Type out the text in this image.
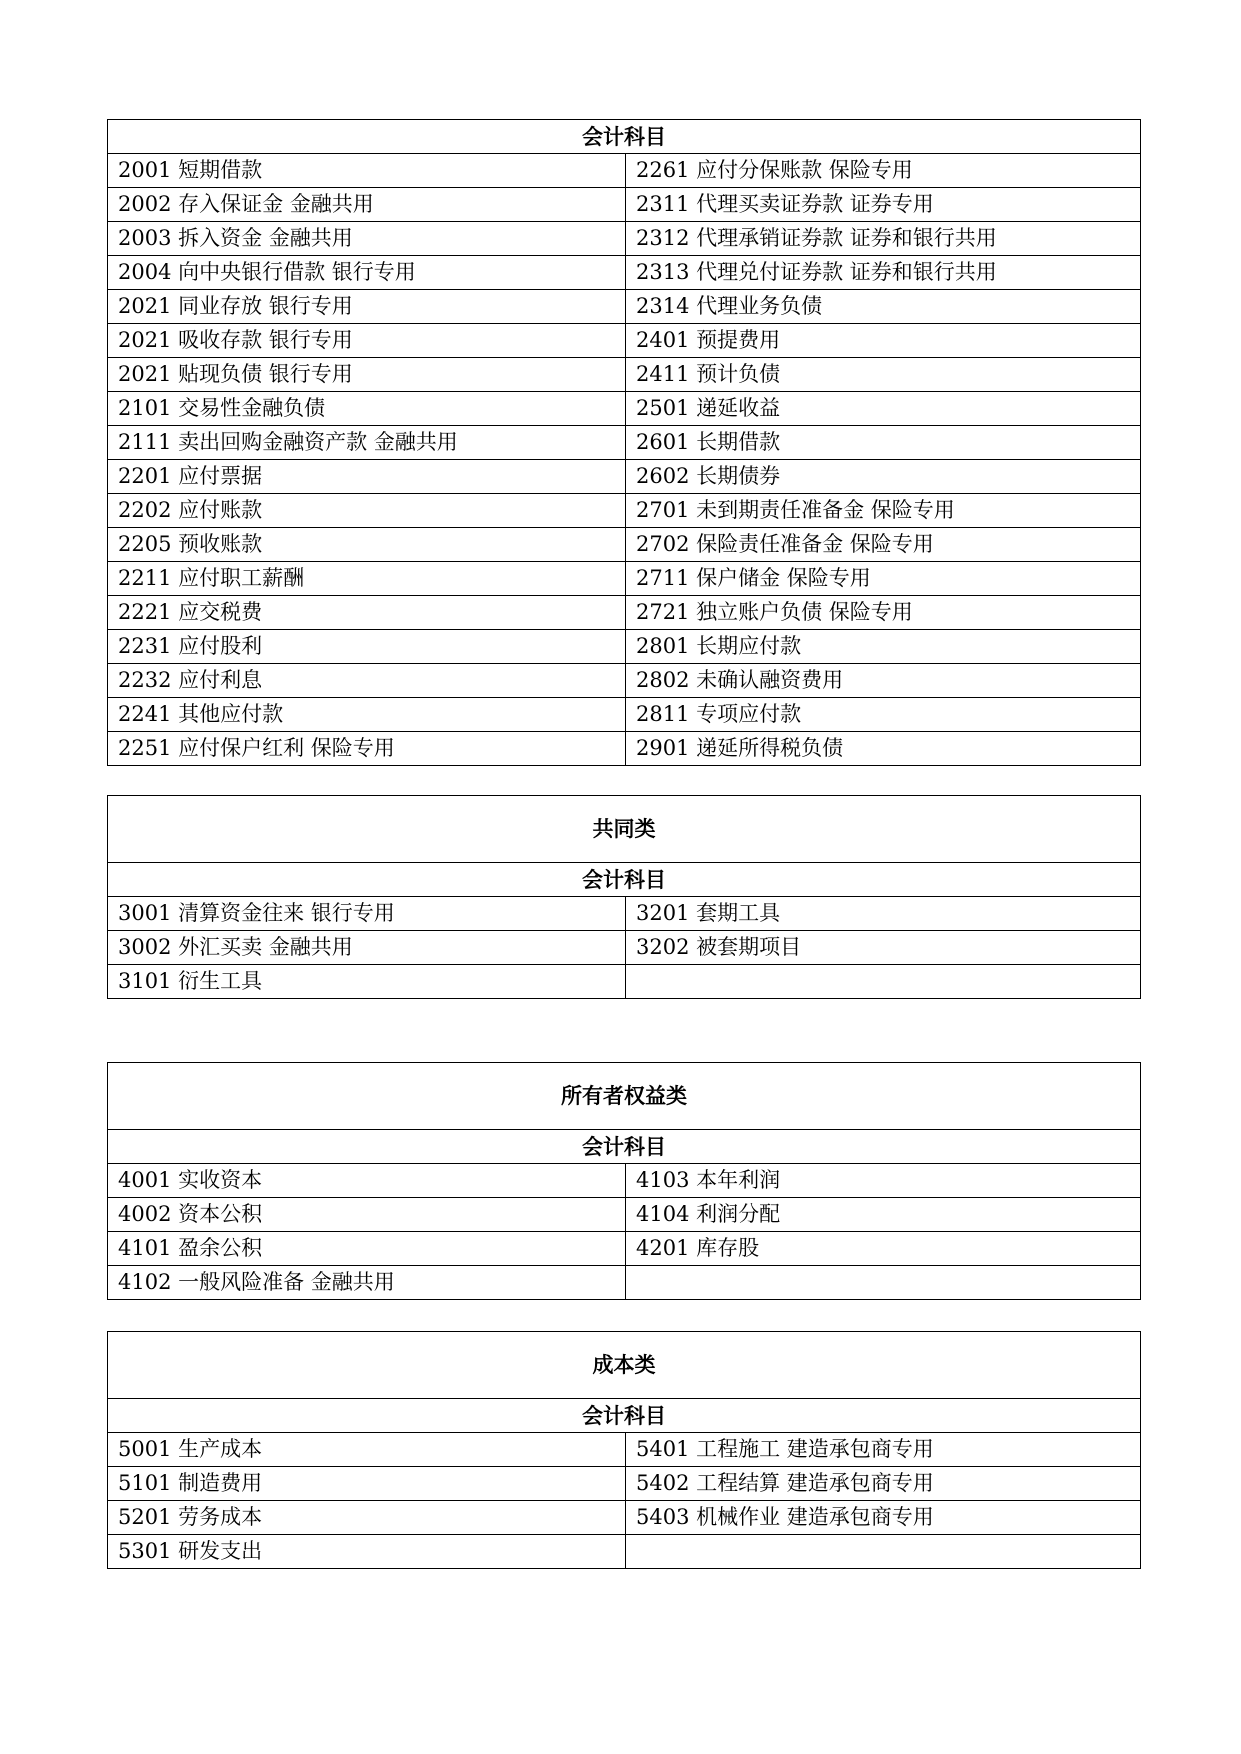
会计科目	
2001 短期借款	2261 应付分保账款 保险专用
2002 存入保证金 金融共用	2311 代理买卖证券款 证券专用
2003 拆入资金 金融共用	2312 代理承销证券款 证券和银行共用
2004 向中央银行借款 银行专用	2313 代理兑付证券款 证券和银行共用
2021 同业存放 银行专用	2314 代理业务负债
2021 吸收存款 银行专用	2401 预提费用
2021 贴现负债 银行专用	2411 预计负债
2101 交易性金融负债	2501 递延收益
2111 卖出回购金融资产款 金融共用	2601 长期借款
2201 应付票据	2602 长期债券
2202 应付账款	2701 未到期责任准备金 保险专用
2205 预收账款	2702 保险责任准备金 保险专用
2211 应付职工薪酬	2711 保户储金 保险专用
2221 应交税费	2721 独立账户负债 保险专用
2231 应付股利	2801 长期应付款
2232 应付利息	2802 未确认融资费用
2241 其他应付款	2811 专项应付款
2251 应付保户红利 保险专用	2901 递延所得税负债
共同类	
会计科目	
3001 清算资金往来 银行专用	3201 套期工具
3002 外汇买卖 金融共用	3202 被套期项目
3101 衍生工具	
所有者权益类	
会计科目	
4001 实收资本	4103 本年利润
4002 资本公积	4104 利润分配
4101 盈余公积	4201 库存股
4102 一般风险准备 金融共用	
成本类	
会计科目	
5001 生产成本	5401 工程施工 建造承包商专用
5101 制造费用	5402 工程结算 建造承包商专用
5201 劳务成本	5403 机械作业 建造承包商专用
5301 研发支出	
